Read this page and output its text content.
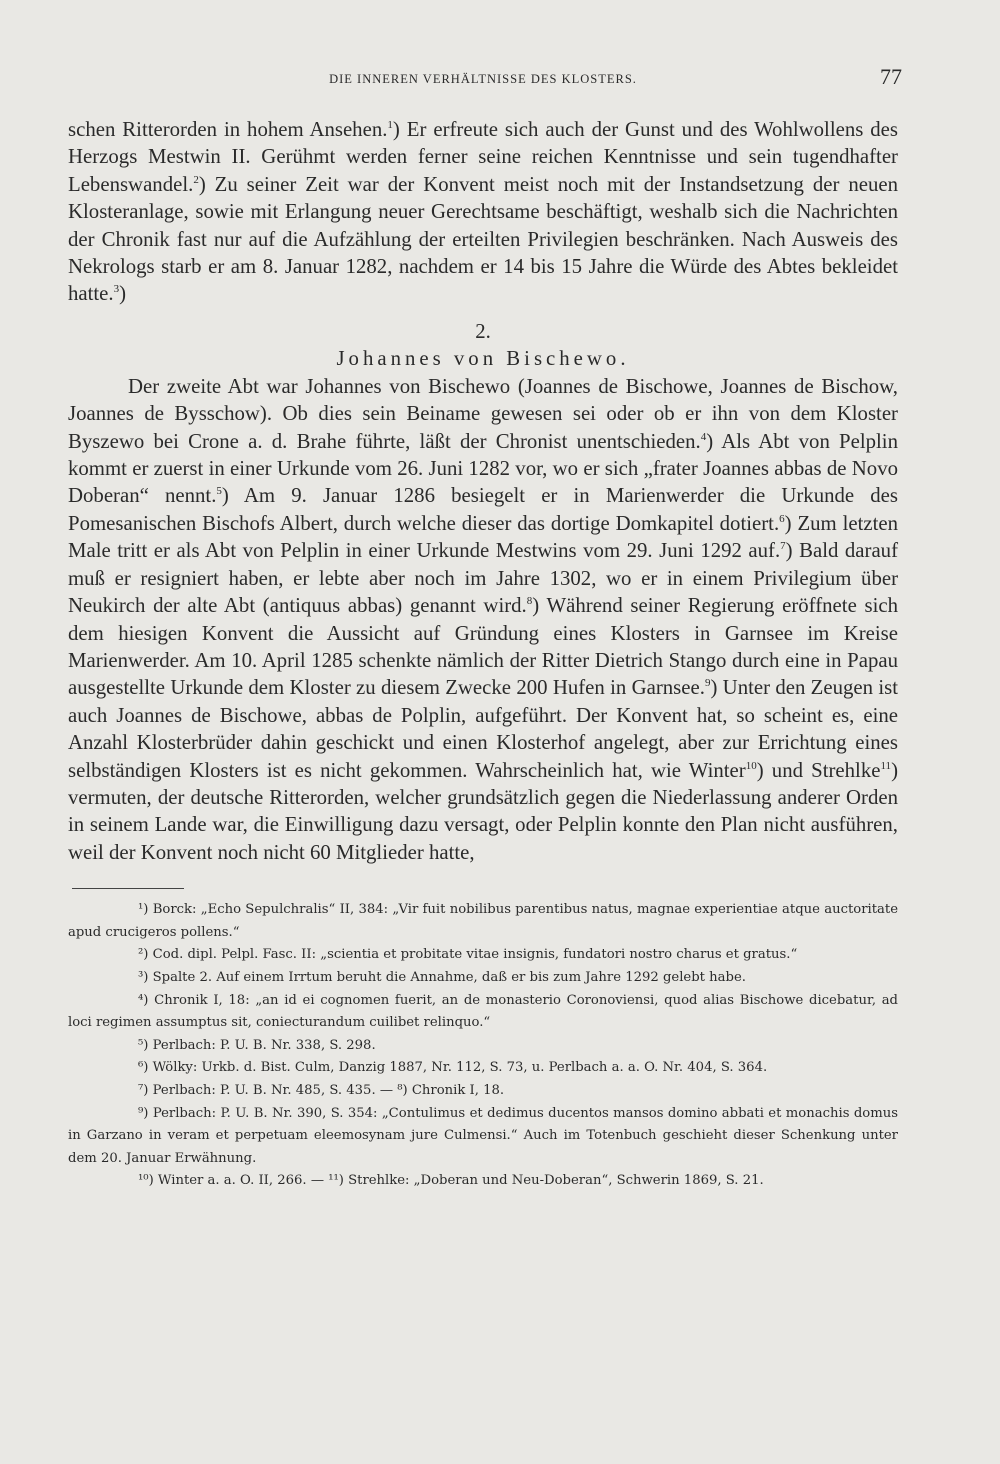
DIE INNEREN VERHÄLTNISSE DES KLOSTERS.	77

schen Ritterorden in hohem Ansehen.$^1$) Er erfreute sich auch der Gunst und des Wohlwollens des Herzogs Mestwin II. Gerühmt werden ferner seine reichen Kenntnisse und sein tugendhafter Lebenswandel.$^2$) Zu seiner Zeit war der Konvent meist noch mit der Instandsetzung der neuen Klosteranlage, sowie mit Erlangung neuer Gerechtsame beschäftigt, weshalb sich die Nachrichten der Chronik fast nur auf die Aufzählung der erteilten Privilegien beschränken. Nach Ausweis des Nekrologs starb er am 8. Januar 1282, nachdem er 14 bis 15 Jahre die Würde des Abtes bekleidet hatte.$^3$)

2.
Johannes von Bischewo.

Der zweite Abt war Johannes von Bischewo (Joannes de Bischowe, Joannes de Bischow, Joannes de Bysschow). Ob dies sein Beiname gewesen sei oder ob er ihn von dem Kloster Byszewo bei Crone a. d. Brahe führte, läßt der Chronist unentschieden.$^4$) Als Abt von Pelplin kommt er zuerst in einer Urkunde vom 26. Juni 1282 vor, wo er sich „frater Joannes abbas de Novo Doberan“ nennt.$^5$) Am 9. Januar 1286 besiegelt er in Marienwerder die Urkunde des Pomesanischen Bischofs Albert, durch welche dieser das dortige Domkapitel dotiert.$^6$) Zum letzten Male tritt er als Abt von Pelplin in einer Urkunde Mestwins vom 29. Juni 1292 auf.$^7$) Bald darauf muß er resigniert haben, er lebte aber noch im Jahre 1302, wo er in einem Privilegium über Neukirch der alte Abt (antiquus abbas) genannt wird.$^8$) Während seiner Regierung eröffnete sich dem hiesigen Konvent die Aussicht auf Gründung eines Klosters in Garnsee im Kreise Marienwerder. Am 10. April 1285 schenkte nämlich der Ritter Dietrich Stango durch eine in Papau ausgestellte Urkunde dem Kloster zu diesem Zwecke 200 Hufen in Garnsee.$^9$) Unter den Zeugen ist auch Joannes de Bischowe, abbas de Polplin, aufgeführt. Der Konvent hat, so scheint es, eine Anzahl Klosterbrüder dahin geschickt und einen Klosterhof angelegt, aber zur Errichtung eines selbständigen Klosters ist es nicht gekommen. Wahrscheinlich hat, wie Winter$^{10}$) und Strehlke$^{11}$) vermuten, der deutsche Ritterorden, welcher grundsätzlich gegen die Niederlassung anderer Orden in seinem Lande war, die Einwilligung dazu versagt, oder Pelplin konnte den Plan nicht ausführen, weil der Konvent noch nicht 60 Mitglieder hatte,

¹) Borck: „Echo Sepulchralis“ II, 384: „Vir fuit nobilibus parentibus natus, magnae experientiae atque auctoritate apud crucigeros pollens.“

²) Cod. dipl. Pelpl. Fasc. II: „scientia et probitate vitae insignis, fundatori nostro charus et gratus.“

³) Spalte 2. Auf einem Irrtum beruht die Annahme, daß er bis zum Jahre 1292 gelebt habe.

⁴) Chronik I, 18: „an id ei cognomen fuerit, an de monasterio Coronoviensi, quod alias Bischowe dicebatur, ad loci regimen assumptus sit, coniecturandum cuilibet relinquo.“

⁵) Perlbach: P. U. B. Nr. 338, S. 298.

⁶) Wölky: Urkb. d. Bist. Culm, Danzig 1887, Nr. 112, S. 73, u. Perlbach a. a. O. Nr. 404, S. 364.

⁷) Perlbach: P. U. B. Nr. 485, S. 435. — ⁸) Chronik I, 18.

⁹) Perlbach: P. U. B. Nr. 390, S. 354: „Contulimus et dedimus ducentos mansos domino abbati et monachis domus in Garzano in veram et perpetuam eleemosynam jure Culmensi.“ Auch im Totenbuch geschieht dieser Schenkung unter dem 20. Januar Erwähnung.

¹⁰) Winter a. a. O. II, 266. — ¹¹) Strehlke: „Doberan und Neu-Doberan“, Schwerin 1869, S. 21.
